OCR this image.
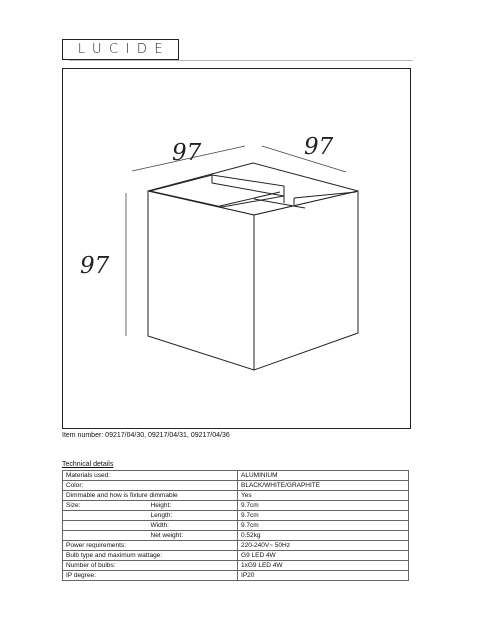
LUCIDE
97	97
97
Item number: 09217/04/30, 09217/04/31, 09217/04/36
Technical details
Materials used:		ALUMINIUM
Color:		BLACK/WHITE/GRAPHITE
Dimmable and how is fixture dimmable		Yes
Size:	Height:	9.7cm
	Length:	9.7cm
	Width:	9.7cm
	Net weight:	0.52kg
Power requirements:		220-240V~ 50Hz
Bulb type and maximum wattage:		G9 LED 4W
Number of bulbs:		1xG9 LED 4W
IP degree:		IP20
